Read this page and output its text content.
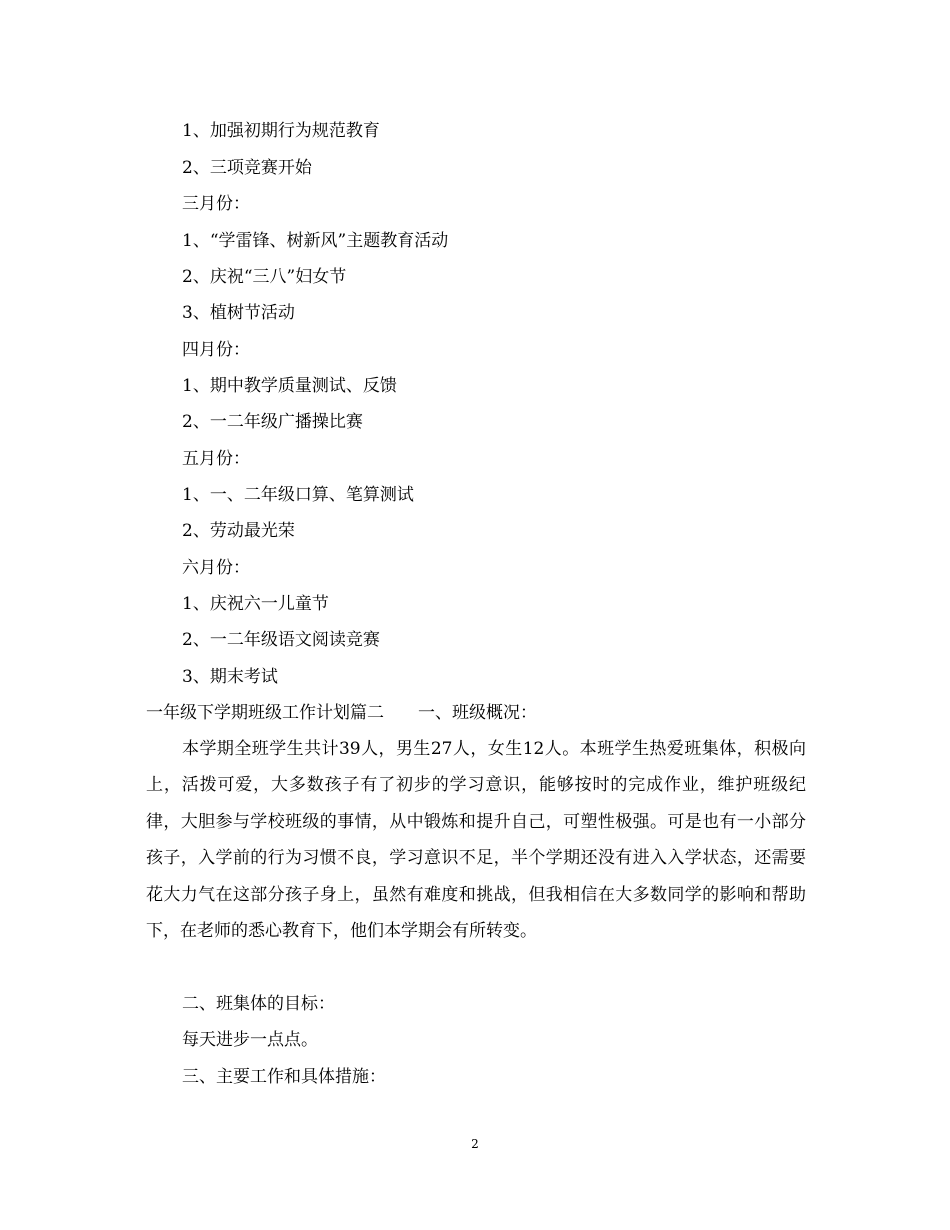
1、加强初期行为规范教育
2、三项竞赛开始
三月份：
1、“学雷锋、树新风”主题教育活动
2、庆祝“三八”妇女节
3、植树节活动
四月份：
1、期中教学质量测试、反馈
2、一二年级广播操比赛
五月份：
1、一、二年级口算、笔算测试
2、劳动最光荣
六月份：
1、庆祝六一儿童节
2、一二年级语文阅读竞赛
3、期末考试
一年级下学期班级工作计划篇二　　一、班级概况：
本学期全班学生共计39人，男生27人，女生12人。本班学生热爱班集体，积极向上，活拨可爱，大多数孩子有了初步的学习意识，能够按时的完成作业，维护班级纪律，大胆参与学校班级的事情，从中锻炼和提升自己，可塑性极强。可是也有一小部分孩子，入学前的行为习惯不良，学习意识不足，半个学期还没有进入入学状态，还需要花大力气在这部分孩子身上，虽然有难度和挑战，但我相信在大多数同学的影响和帮助下，在老师的悉心教育下，他们本学期会有所转变。
二、班集体的目标：
每天进步一点点。
三、主要工作和具体措施：
2
